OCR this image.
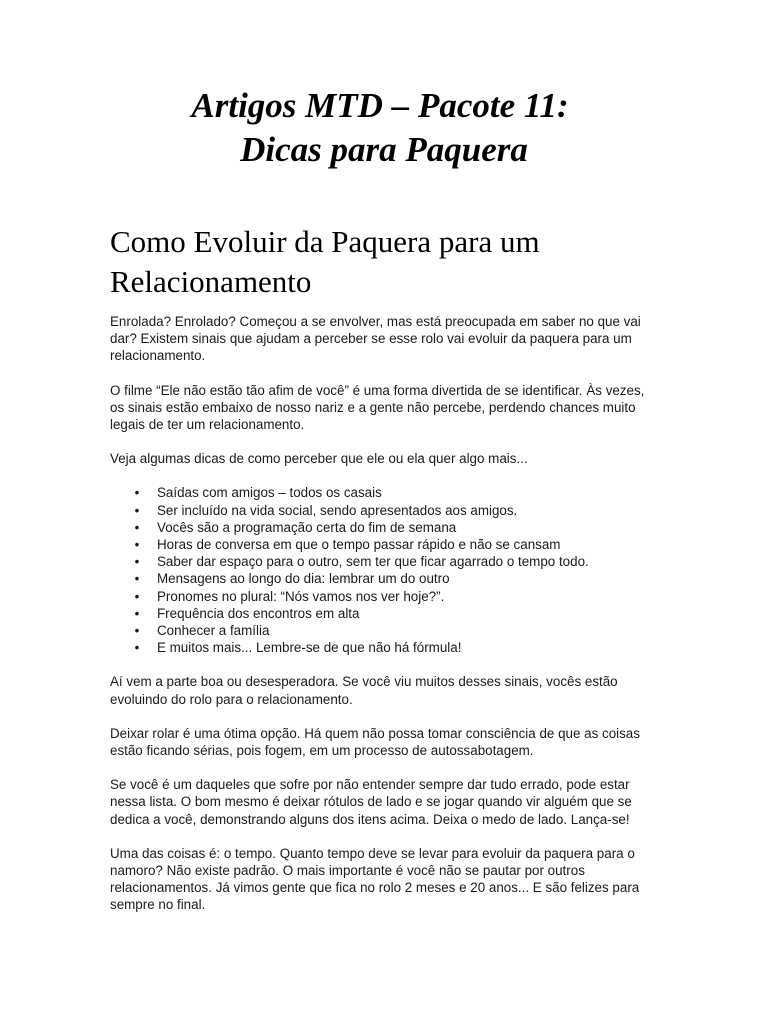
Artigos MTD – Pacote 11:
Dicas para Paquera
Como Evoluir da Paquera para um Relacionamento

Enrolada? Enrolado? Começou a se envolver, mas está preocupada em saber no que vai dar? Existem sinais que ajudam a perceber se esse rolo vai evoluir da paquera para um relacionamento.

O filme “Ele não estão tão afim de você” é uma forma divertida de se identificar. Às vezes, os sinais estão embaixo de nosso nariz e a gente não percebe, perdendo chances muito legais de ter um relacionamento.

Veja algumas dicas de como perceber que ele ou ela quer algo mais...

• Saídas com amigos – todos os casais
• Ser incluído na vida social, sendo apresentados aos amigos.
• Vocês são a programação certa do fim de semana
• Horas de conversa em que o tempo passar rápido e não se cansam
• Saber dar espaço para o outro, sem ter que ficar agarrado o tempo todo.
• Mensagens ao longo do dia: lembrar um do outro
• Pronomes no plural: “Nós vamos nos ver hoje?”.
• Frequência dos encontros em alta
• Conhecer a família
• E muitos mais... Lembre-se de que não há fórmula!

Aí vem a parte boa ou desesperadora. Se você viu muitos desses sinais, vocês estão evoluindo do rolo para o relacionamento.

Deixar rolar é uma ótima opção. Há quem não possa tomar consciência de que as coisas estão ficando sérias, pois fogem, em um processo de autossabotagem.

Se você é um daqueles que sofre por não entender sempre dar tudo errado, pode estar nessa lista. O bom mesmo é deixar rótulos de lado e se jogar quando vir alguém que se dedica a você, demonstrando alguns dos itens acima. Deixa o medo de lado. Lança-se!

Uma das coisas é: o tempo. Quanto tempo deve se levar para evoluir da paquera para o namoro? Não existe padrão. O mais importante é você não se pautar por outros relacionamentos. Já vimos gente que fica no rolo 2 meses e 20 anos... E são felizes para sempre no final.
